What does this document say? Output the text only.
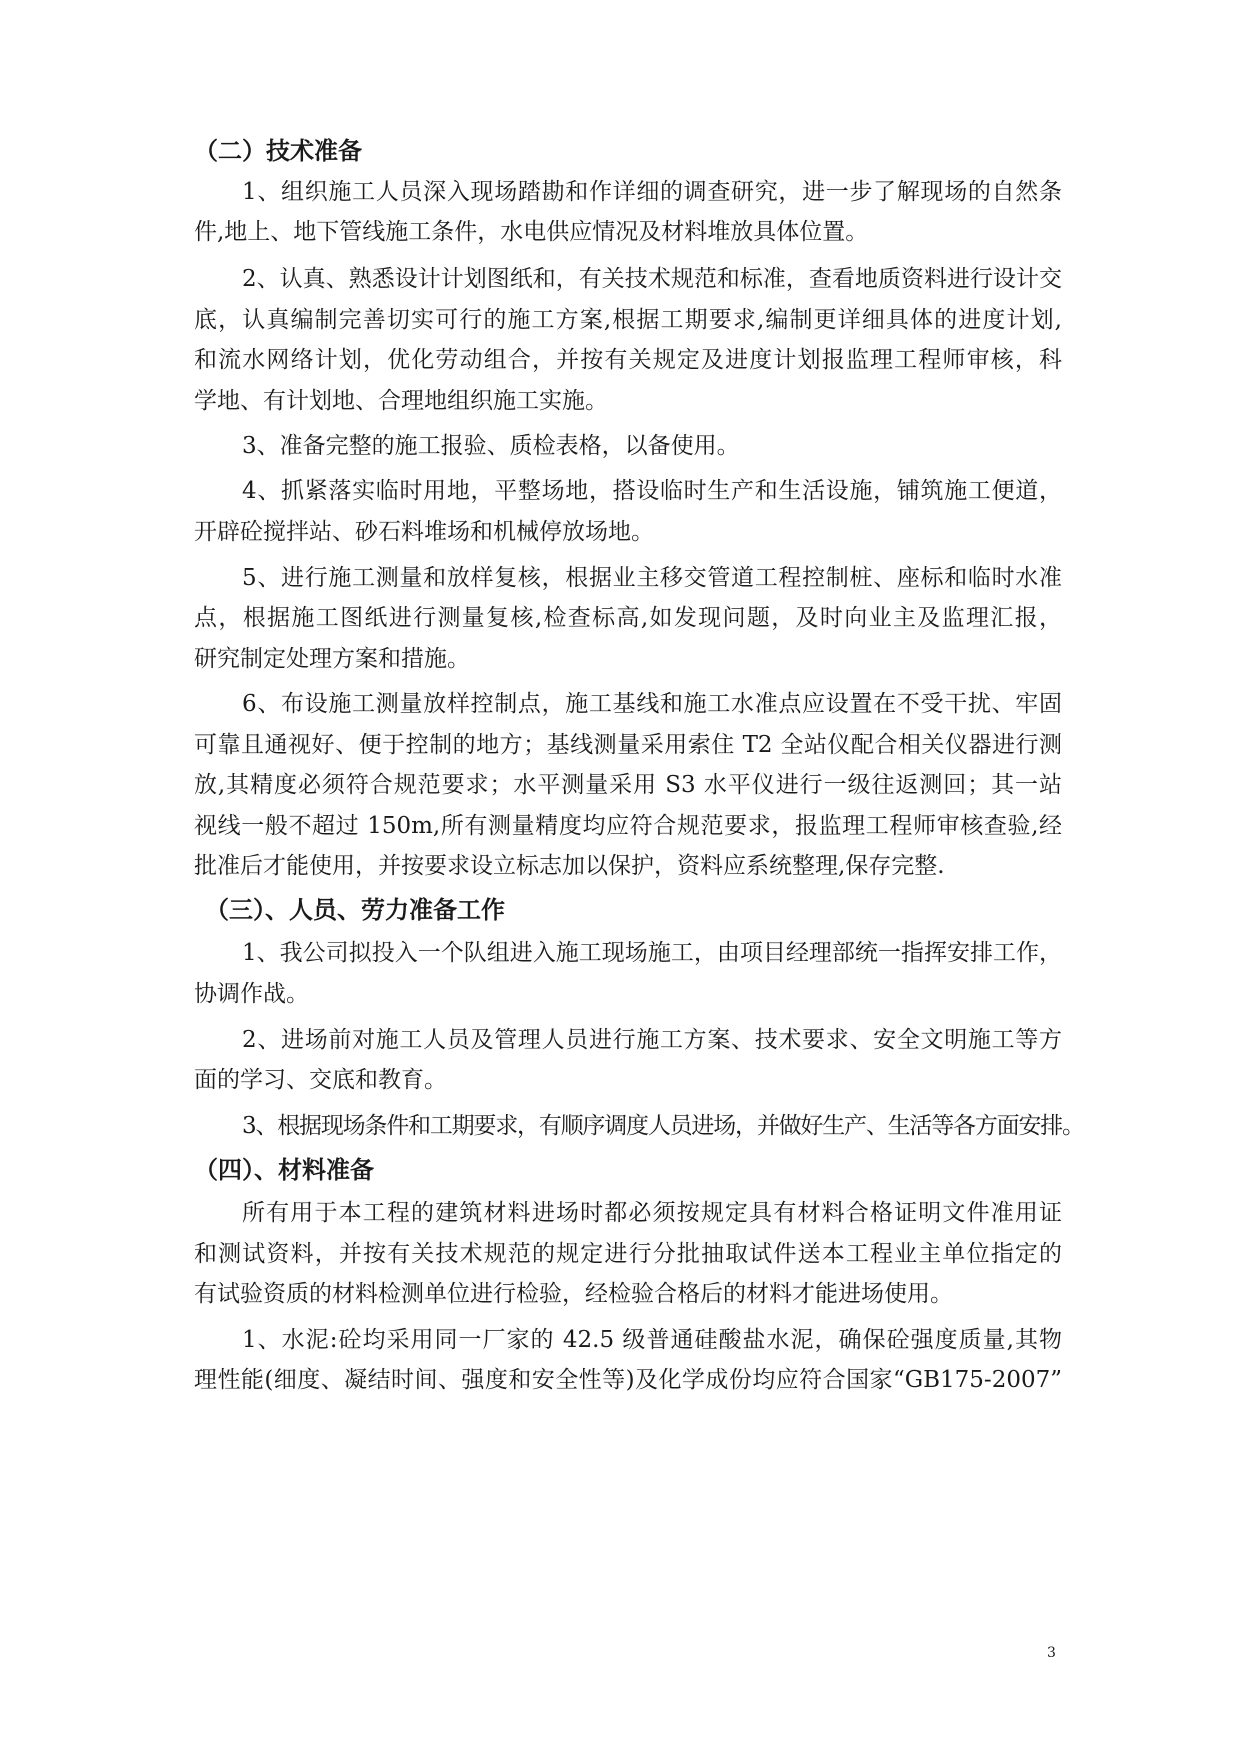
（二）技术准备
1、组织施工人员深入现场踏勘和作详细的调查研究，进一步了解现场的自然条
件,地上、地下管线施工条件，水电供应情况及材料堆放具体位置。
2、认真、熟悉设计计划图纸和，有关技术规范和标准，查看地质资料进行设计交
底，认真编制完善切实可行的施工方案,根据工期要求,编制更详细具体的进度计划,
和流水网络计划，优化劳动组合，并按有关规定及进度计划报监理工程师审核，科
学地、有计划地、合理地组织施工实施。
3、准备完整的施工报验、质检表格，以备使用。
4、抓紧落实临时用地，平整场地，搭设临时生产和生活设施，铺筑施工便道，
开辟砼搅拌站、砂石料堆场和机械停放场地。
5、进行施工测量和放样复核，根据业主移交管道工程控制桩、座标和临时水准
点，根据施工图纸进行测量复核,检查标高,如发现问题，及时向业主及监理汇报，
研究制定处理方案和措施。
6、布设施工测量放样控制点，施工基线和施工水准点应设置在不受干扰、牢固
可靠且通视好、便于控制的地方；基线测量采用索住 T2 全站仪配合相关仪器进行测
放,其精度必须符合规范要求；水平测量采用 S3 水平仪进行一级往返测回；其一站
视线一般不超过 150m,所有测量精度均应符合规范要求，报监理工程师审核查验,经
批准后才能使用，并按要求设立标志加以保护，资料应系统整理,保存完整.
（三）、人员、劳力准备工作
1、我公司拟投入一个队组进入施工现场施工，由项目经理部统一指挥安排工作，
协调作战。
2、进场前对施工人员及管理人员进行施工方案、技术要求、安全文明施工等方
面的学习、交底和教育。
3、根据现场条件和工期要求，有顺序调度人员进场，并做好生产、生活等各方面安排。
（四）、材料准备
所有用于本工程的建筑材料进场时都必须按规定具有材料合格证明文件准用证
和测试资料，并按有关技术规范的规定进行分批抽取试件送本工程业主单位指定的
有试验资质的材料检测单位进行检验，经检验合格后的材料才能进场使用。
1、水泥:砼均采用同一厂家的 42.5 级普通硅酸盐水泥，确保砼强度质量,其物
理性能(细度、凝结时间、强度和安全性等)及化学成份均应符合国家“GB175-2007”
3
